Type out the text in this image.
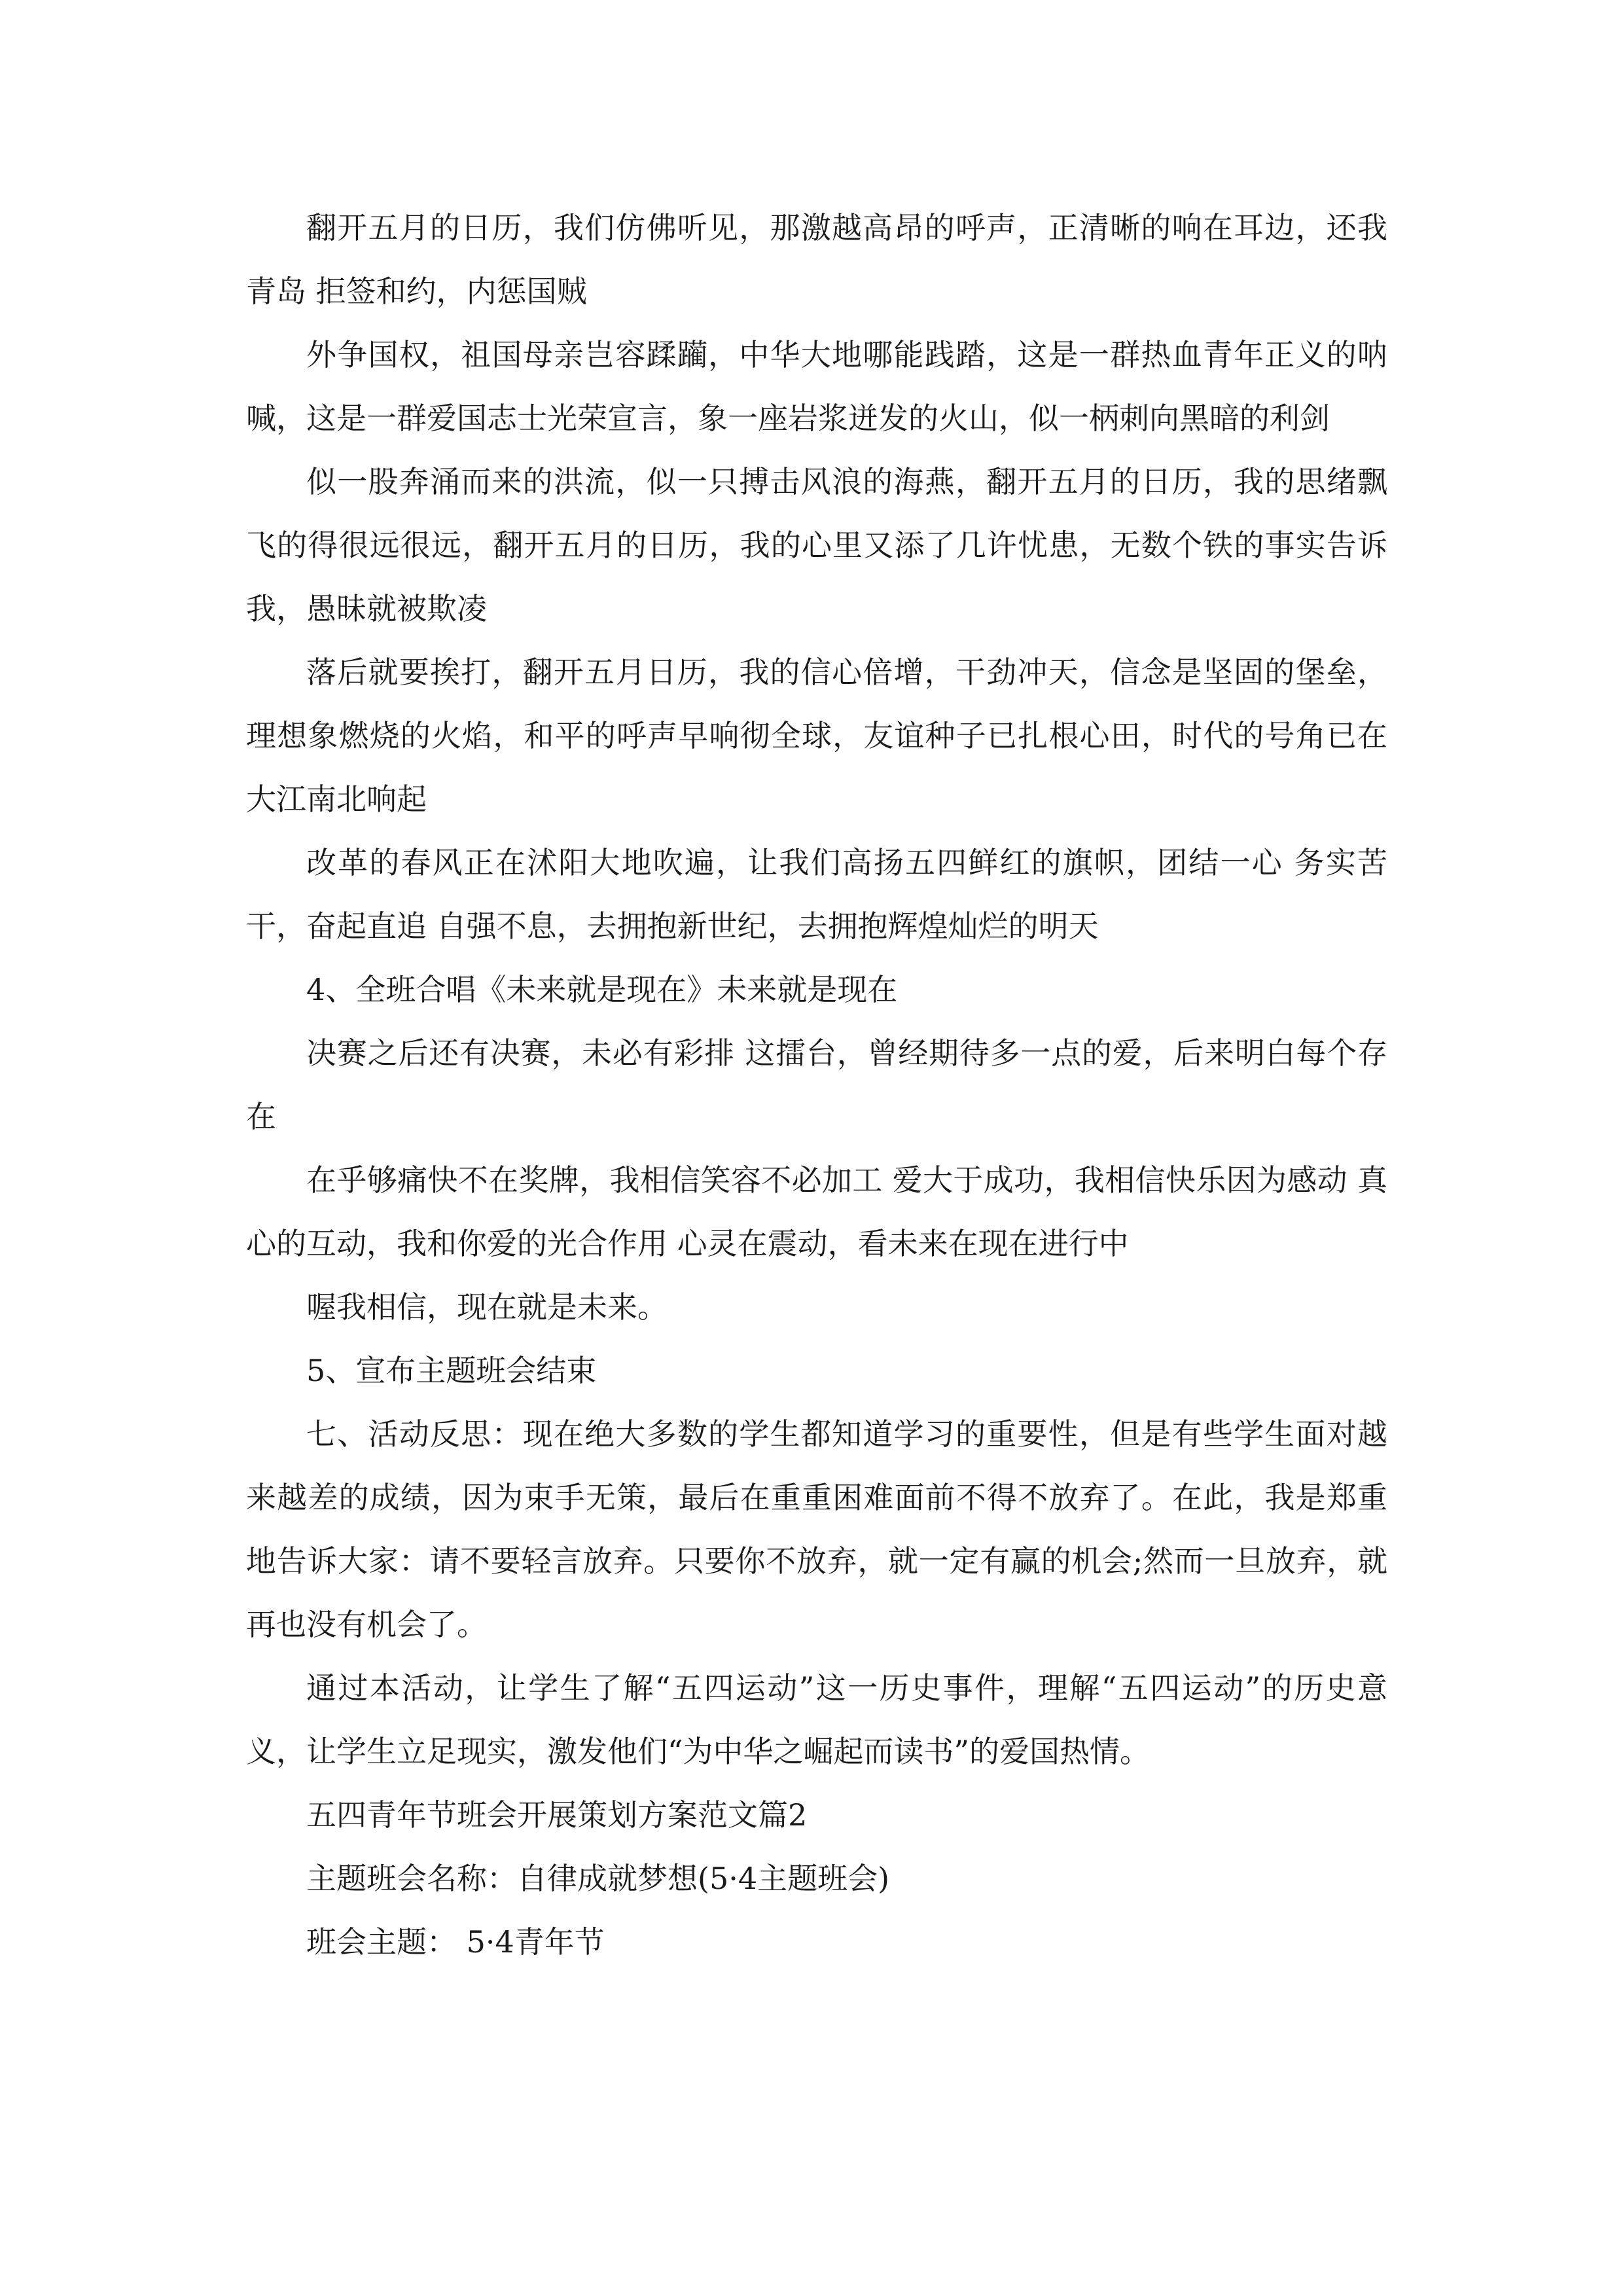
翻开五月的日历，我们仿佛听见，那激越高昂的呼声，正清晰的响在耳边，还我青岛 拒签和约，内惩国贼

外争国权，祖国母亲岂容蹂躏，中华大地哪能践踏，这是一群热血青年正义的呐喊，这是一群爱国志士光荣宣言，象一座岩浆迸发的火山，似一柄刺向黑暗的利剑

似一股奔涌而来的洪流，似一只搏击风浪的海燕，翻开五月的日历，我的思绪飘飞的得很远很远，翻开五月的日历，我的心里又添了几许忧患，无数个铁的事实告诉我，愚昧就被欺凌

落后就要挨打，翻开五月日历，我的信心倍增，干劲冲天，信念是坚固的堡垒，理想象燃烧的火焰，和平的呼声早响彻全球，友谊种子已扎根心田，时代的号角已在大江南北响起

改革的春风正在沭阳大地吹遍，让我们高扬五四鲜红的旗帜，团结一心 务实苦干，奋起直追 自强不息，去拥抱新世纪，去拥抱辉煌灿烂的明天

4、全班合唱《未来就是现在》未来就是现在

决赛之后还有决赛，未必有彩排 这擂台，曾经期待多一点的爱，后来明白每个存在

在乎够痛快不在奖牌，我相信笑容不必加工 爱大于成功，我相信快乐因为感动 真心的互动，我和你爱的光合作用 心灵在震动，看未来在现在进行中

喔我相信，现在就是未来。

5、宣布主题班会结束

七、活动反思：现在绝大多数的学生都知道学习的重要性，但是有些学生面对越来越差的成绩，因为束手无策，最后在重重困难面前不得不放弃了。在此，我是郑重地告诉大家：请不要轻言放弃。只要你不放弃，就一定有赢的机会;然而一旦放弃，就再也没有机会了。

通过本活动，让学生了解“五四运动”这一历史事件，理解“五四运动”的历史意义，让学生立足现实，激发他们“为中华之崛起而读书”的爱国热情。

五四青年节班会开展策划方案范文篇2

主题班会名称：自律成就梦想(5·4主题班会)

班会主题： 5·4青年节
